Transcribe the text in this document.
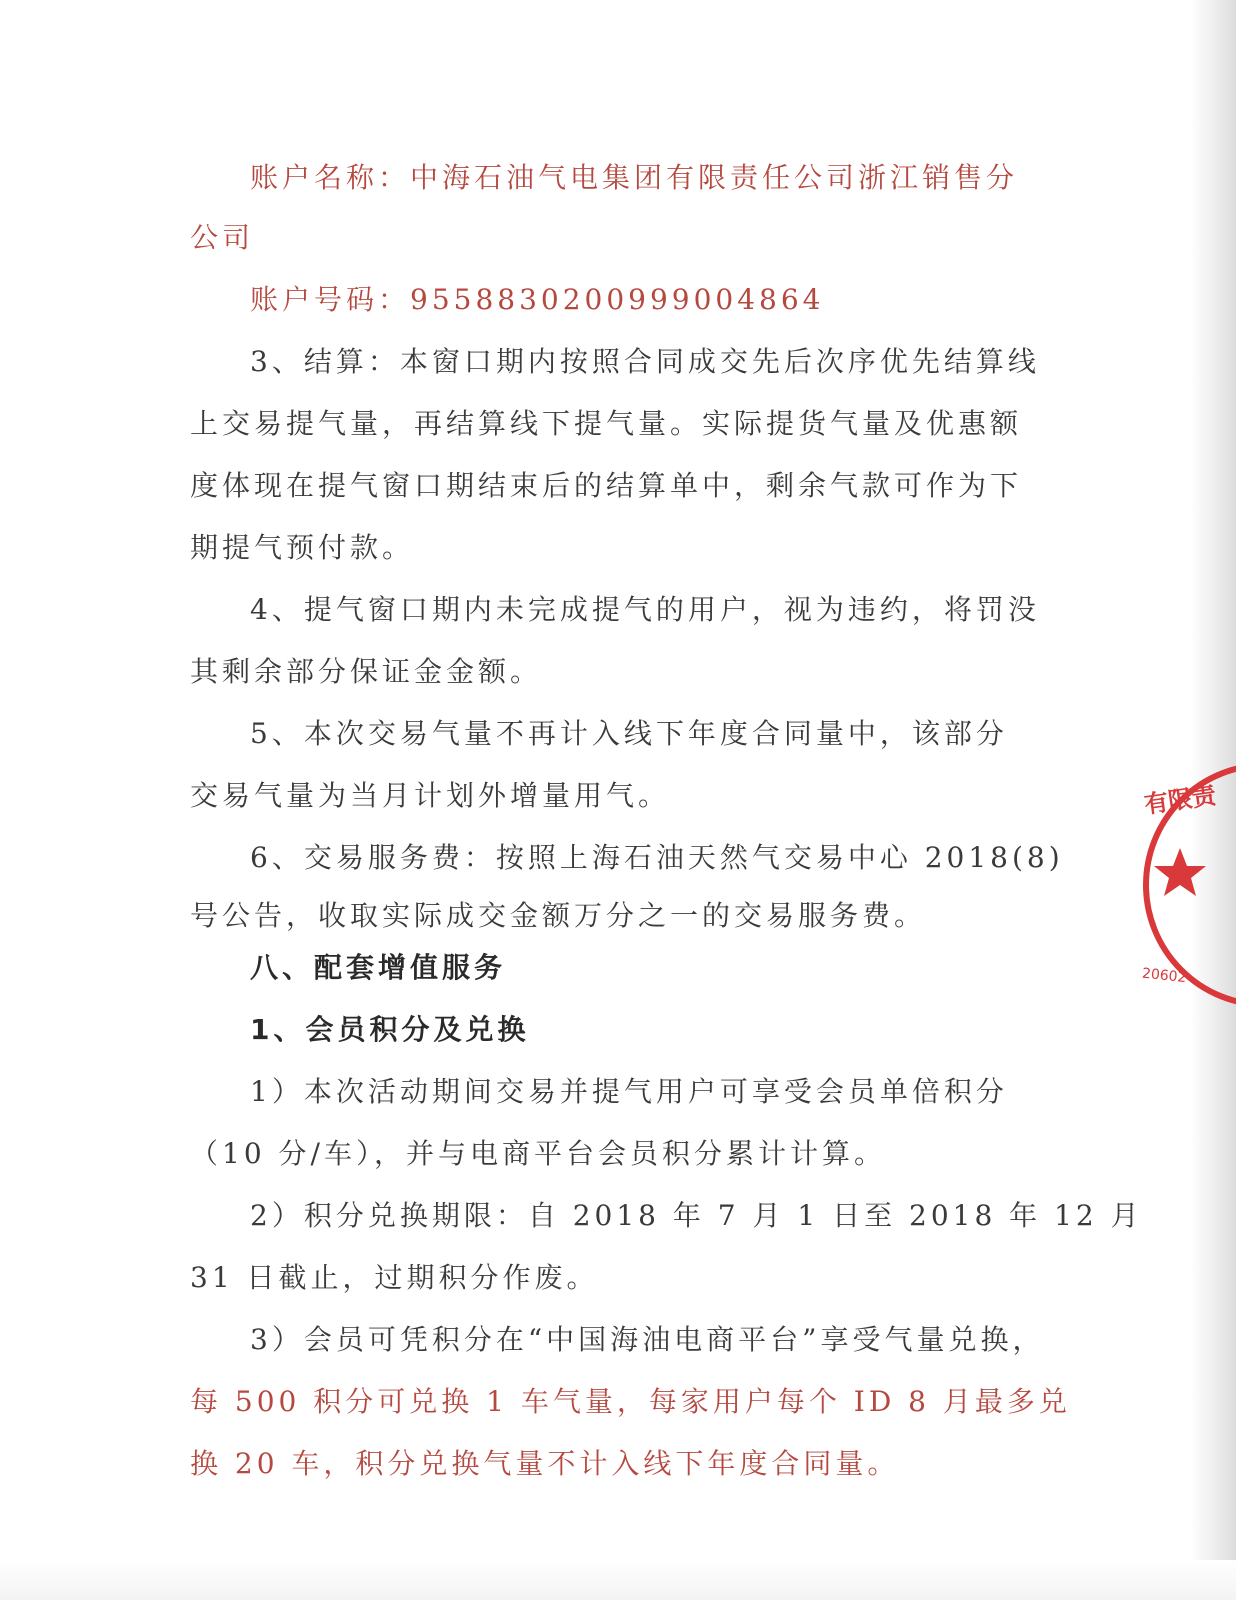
账户名称：中海石油气电集团有限责任公司浙江销售分
公司
账户号码：9558830200999004864
3、结算：本窗口期内按照合同成交先后次序优先结算线
上交易提气量，再结算线下提气量。实际提货气量及优惠额
度体现在提气窗口期结束后的结算单中，剩余气款可作为下
期提气预付款。
4、提气窗口期内未完成提气的用户，视为违约，将罚没
其剩余部分保证金金额。
5、本次交易气量不再计入线下年度合同量中，该部分
交易气量为当月计划外增量用气。
6、交易服务费：按照上海石油天然气交易中心 2018(8)
号公告，收取实际成交金额万分之一的交易服务费。
八、配套增值服务
1、会员积分及兑换
1）本次活动期间交易并提气用户可享受会员单倍积分
（10 分/车），并与电商平台会员积分累计计算。
2）积分兑换期限：自 2018 年 7 月 1 日至 2018 年 12 月
31 日截止，过期积分作废。
3）会员可凭积分在“中国海油电商平台”享受气量兑换，
每 500 积分可兑换 1 车气量，每家用户每个 ID 8 月最多兑
换 20 车，积分兑换气量不计入线下年度合同量。
有限责
20602
